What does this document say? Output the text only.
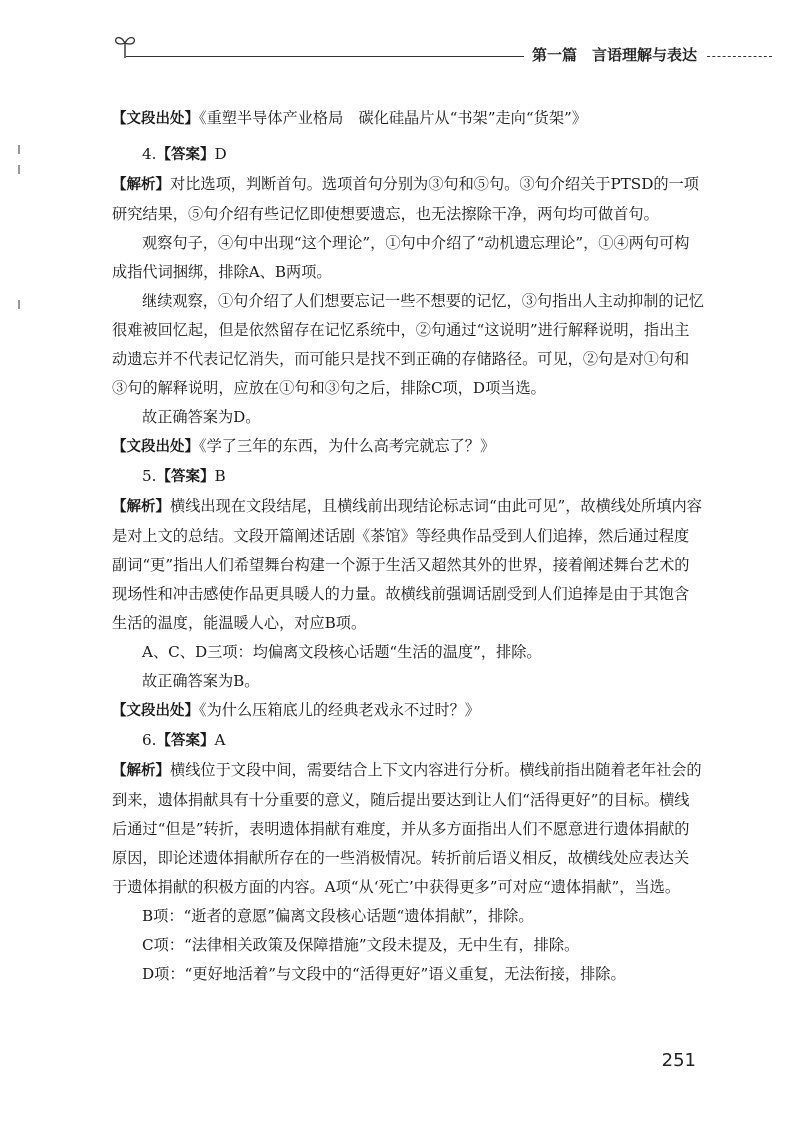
第一篇　言语理解与表达

【文段出处】《重塑半导体产业格局　碳化硅晶片从“书架”走向“货架”》

4.【答案】D

【解析】对比选项，判断首句。选项首句分别为③句和⑤句。③句介绍关于PTSD的一项研究结果，⑤句介绍有些记忆即使想要遗忘，也无法擦除干净，两句均可做首句。

观察句子，④句中出现“这个理论”，①句中介绍了“动机遗忘理论”，①④两句可构成指代词捆绑，排除A、B两项。

继续观察，①句介绍了人们想要忘记一些不想要的记忆，③句指出人主动抑制的记忆很难被回忆起，但是依然留存在记忆系统中，②句通过“这说明”进行解释说明，指出主动遗忘并不代表记忆消失，而可能只是找不到正确的存储路径。可见，②句是对①句和③句的解释说明，应放在①句和③句之后，排除C项，D项当选。

故正确答案为D。

【文段出处】《学了三年的东西，为什么高考完就忘了？》

5.【答案】B

【解析】横线出现在文段结尾，且横线前出现结论标志词“由此可见”，故横线处所填内容是对上文的总结。文段开篇阐述话剧《茶馆》等经典作品受到人们追捧，然后通过程度副词“更”指出人们希望舞台构建一个源于生活又超然其外的世界，接着阐述舞台艺术的现场性和冲击感使作品更具暖人的力量。故横线前强调话剧受到人们追捧是由于其饱含生活的温度，能温暖人心，对应B项。

A、C、D三项：均偏离文段核心话题“生活的温度”，排除。

故正确答案为B。

【文段出处】《为什么压箱底儿的经典老戏永不过时？》

6.【答案】A

【解析】横线位于文段中间，需要结合上下文内容进行分析。横线前指出随着老年社会的到来，遗体捐献具有十分重要的意义，随后提出要达到让人们“活得更好”的目标。横线后通过“但是”转折，表明遗体捐献有难度，并从多方面指出人们不愿意进行遗体捐献的原因，即论述遗体捐献所存在的一些消极情况。转折前后语义相反，故横线处应表达关于遗体捐献的积极方面的内容。A项“从‘死亡’中获得更多”可对应“遗体捐献”，当选。

B项：“逝者的意愿”偏离文段核心话题“遗体捐献”，排除。

C项：“法律相关政策及保障措施”文段未提及，无中生有，排除。

D项：“更好地活着”与文段中的“活得更好”语义重复，无法衔接，排除。

251
